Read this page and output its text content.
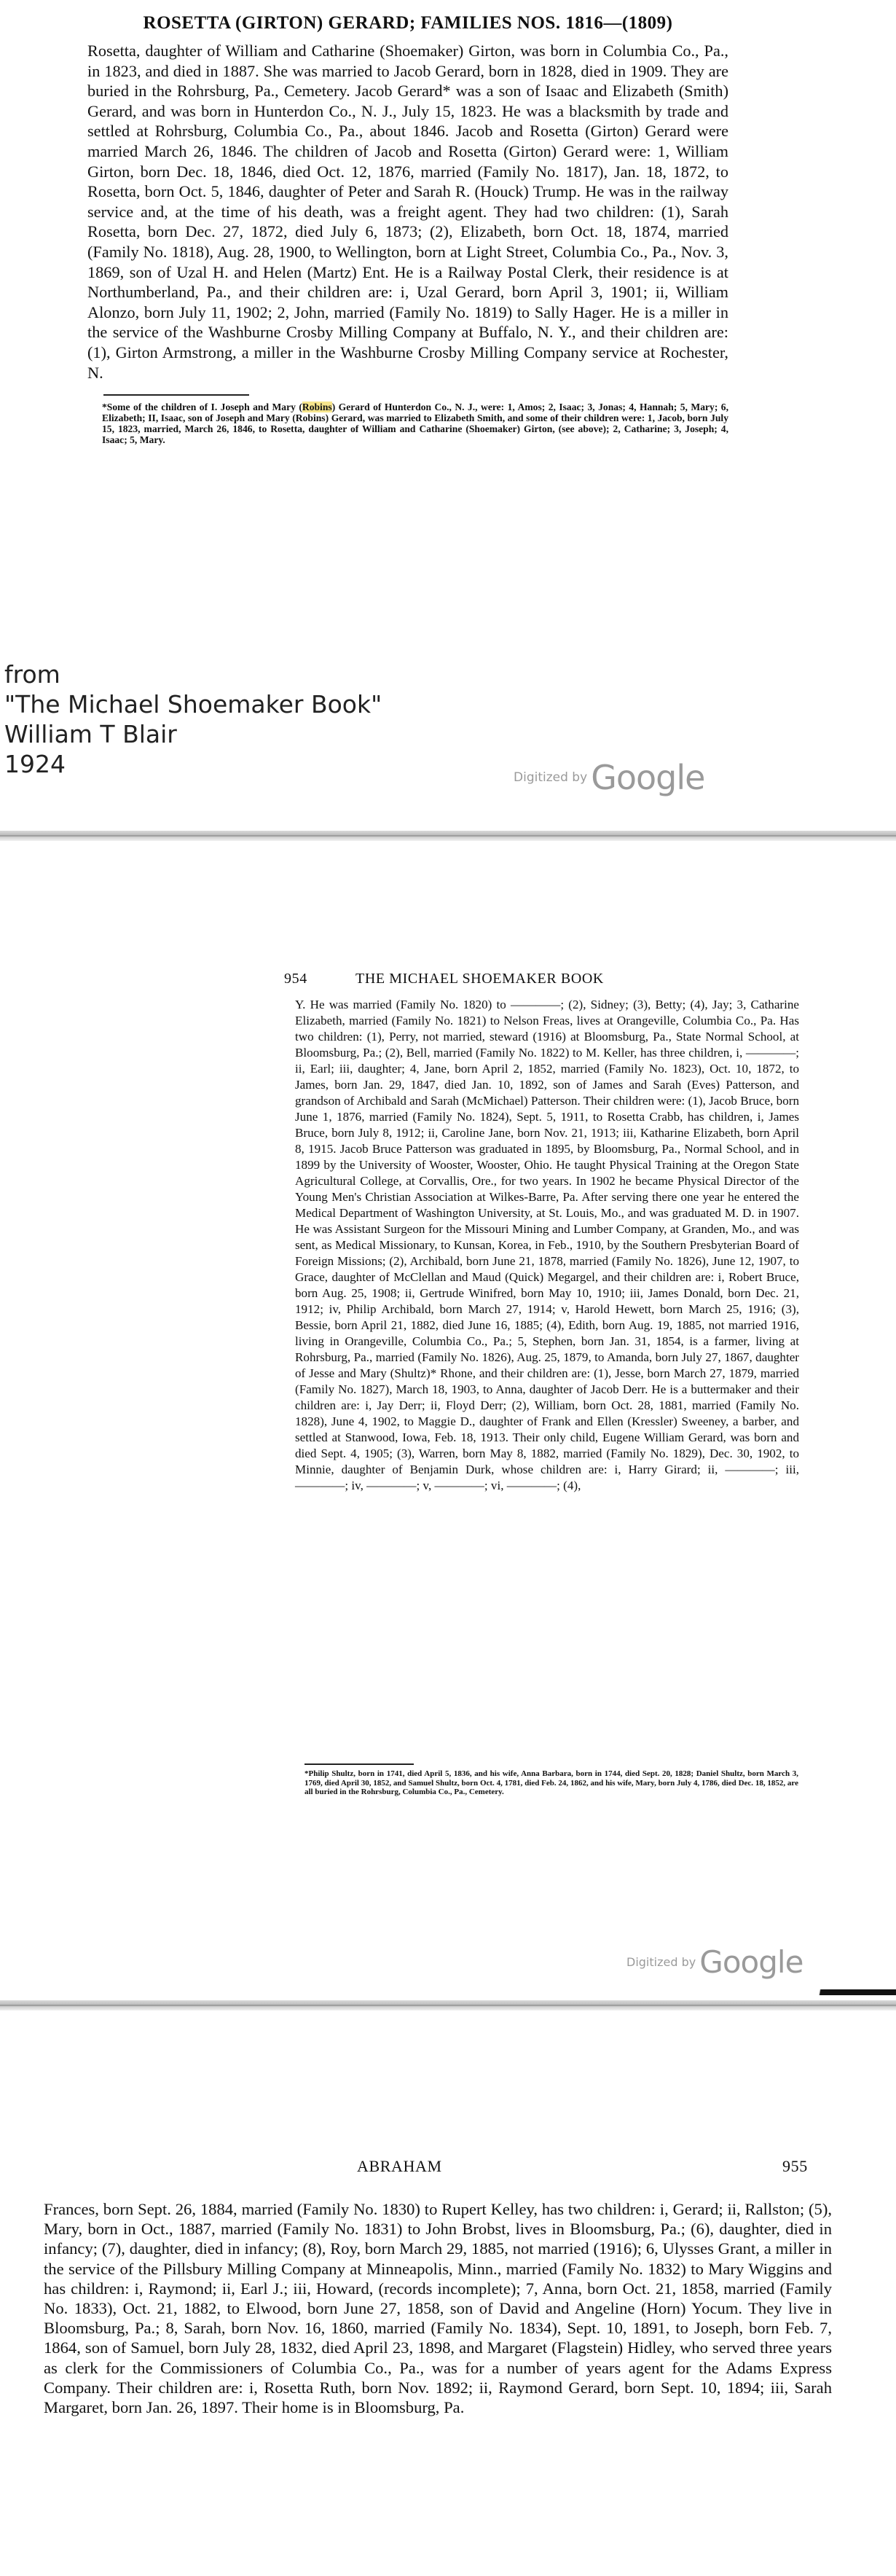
ROSETTA (GIRTON) GERARD; FAMILIES NOS. 1816—(1809)

Rosetta, daughter of William and Catharine (Shoemaker) Girton, was born in Columbia Co., Pa., in 1823, and died in 1887. She was married to Jacob Gerard, born in 1828, died in 1909. They are buried in the Rohrsburg, Pa., Cemetery. Jacob Gerard* was a son of Isaac and Elizabeth (Smith) Gerard, and was born in Hunterdon Co., N. J., July 15, 1823. He was a blacksmith by trade and settled at Rohrsburg, Columbia Co., Pa., about 1846. Jacob and Rosetta (Girton) Gerard were married March 26, 1846. The children of Jacob and Rosetta (Girton) Gerard were: 1, William Girton, born Dec. 18, 1846, died Oct. 12, 1876, married (Family No. 1817), Jan. 18, 1872, to Rosetta, born Oct. 5, 1846, daughter of Peter and Sarah R. (Houck) Trump. He was in the railway service and, at the time of his death, was a freight agent. They had two children: (1), Sarah Rosetta, born Dec. 27, 1872, died July 6, 1873; (2), Elizabeth, born Oct. 18, 1874, married (Family No. 1818), Aug. 28, 1900, to Wellington, born at Light Street, Columbia Co., Pa., Nov. 3, 1869, son of Uzal H. and Helen (Martz) Ent. He is a Railway Postal Clerk, their residence is at Northumberland, Pa., and their children are: i, Uzal Gerard, born April 3, 1901; ii, William Alonzo, born July 11, 1902; 2, John, married (Family No. 1819) to Sally Hager. He is a miller in the service of the Washburne Crosby Milling Company at Buffalo, N. Y., and their children are: (1), Girton Armstrong, a miller in the Washburne Crosby Milling Company service at Rochester, N.

*Some of the children of I. Joseph and Mary (Robins) Gerard of Hunterdon Co., N. J., were: 1, Amos; 2, Isaac; 3, Jonas; 4, Hannah; 5, Mary; 6, Elizabeth; II, Isaac, son of Joseph and Mary (Robins) Gerard, was married to Elizabeth Smith, and some of their children were: 1, Jacob, born July 15, 1823, married, March 26, 1846, to Rosetta, daughter of William and Catharine (Shoemaker) Girton, (see above); 2, Catharine; 3, Joseph; 4, Isaac; 5, Mary.

from
"The Michael Shoemaker Book"
William T Blair
1924	Digitized by Google
954	THE MICHAEL SHOEMAKER BOOK

Y. He was married (Family No. 1820) to ————; (2), Sidney; (3), Betty; (4), Jay; 3, Catharine Elizabeth, married (Family No. 1821) to Nelson Freas, lives at Orangeville, Columbia Co., Pa. Has two children: (1), Perry, not married, steward (1916) at Bloomsburg, Pa., State Normal School, at Bloomsburg, Pa.; (2), Bell, married (Family No. 1822) to M. Keller, has three children, i, ————; ii, Earl; iii, daughter; 4, Jane, born April 2, 1852, married (Family No. 1823), Oct. 10, 1872, to James, born Jan. 29, 1847, died Jan. 10, 1892, son of James and Sarah (Eves) Patterson, and grandson of Archibald and Sarah (McMichael) Patterson. Their children were: (1), Jacob Bruce, born June 1, 1876, married (Family No. 1824), Sept. 5, 1911, to Rosetta Crabb, has children, i, James Bruce, born July 8, 1912; ii, Caroline Jane, born Nov. 21, 1913; iii, Katharine Elizabeth, born April 8, 1915. Jacob Bruce Patterson was graduated in 1895, by Bloomsburg, Pa., Normal School, and in 1899 by the University of Wooster, Wooster, Ohio. He taught Physical Training at the Oregon State Agricultural College, at Corvallis, Ore., for two years. In 1902 he became Physical Director of the Young Men's Christian Association at Wilkes-Barre, Pa. After serving there one year he entered the Medical Department of Washington University, at St. Louis, Mo., and was graduated M. D. in 1907. He was Assistant Surgeon for the Missouri Mining and Lumber Company, at Granden, Mo., and was sent, as Medical Missionary, to Kunsan, Korea, in Feb., 1910, by the Southern Presbyterian Board of Foreign Missions; (2), Archibald, born June 21, 1878, married (Family No. 1826), June 12, 1907, to Grace, daughter of McClellan and Maud (Quick) Megargel, and their children are: i, Robert Bruce, born Aug. 25, 1908; ii, Gertrude Winifred, born May 10, 1910; iii, James Donald, born Dec. 21, 1912; iv, Philip Archibald, born March 27, 1914; v, Harold Hewett, born March 25, 1916; (3), Bessie, born April 21, 1882, died June 16, 1885; (4), Edith, born Aug. 19, 1885, not married 1916, living in Orangeville, Columbia Co., Pa.; 5, Stephen, born Jan. 31, 1854, is a farmer, living at Rohrsburg, Pa., married (Family No. 1826), Aug. 25, 1879, to Amanda, born July 27, 1867, daughter of Jesse and Mary (Shultz)* Rhone, and their children are: (1), Jesse, born March 27, 1879, married (Family No. 1827), March 18, 1903, to Anna, daughter of Jacob Derr. He is a buttermaker and their children are: i, Jay Derr; ii, Floyd Derr; (2), William, born Oct. 28, 1881, married (Family No. 1828), June 4, 1902, to Maggie D., daughter of Frank and Ellen (Kressler) Sweeney, a barber, and settled at Stanwood, Iowa, Feb. 18, 1913. Their only child, Eugene William Gerard, was born and died Sept. 4, 1905; (3), Warren, born May 8, 1882, married (Family No. 1829), Dec. 30, 1902, to Minnie, daughter of Benjamin Durk, whose children are: i, Harry Girard; ii, ————; iii, ————; iv, ————; v, ————; vi, ————; (4),

*Philip Shultz, born in 1741, died April 5, 1836, and his wife, Anna Barbara, born in 1744, died Sept. 20, 1828; Daniel Shultz, born March 3, 1769, died April 30, 1852, and Samuel Shultz, born Oct. 4, 1781, died Feb. 24, 1862, and his wife, Mary, born July 4, 1786, died Dec. 18, 1852, are all buried in the Rohrsburg, Columbia Co., Pa., Cemetery.

Digitized by Google
ABRAHAM	955

Frances, born Sept. 26, 1884, married (Family No. 1830) to Rupert Kelley, has two children: i, Gerard; ii, Rallston; (5), Mary, born in Oct., 1887, married (Family No. 1831) to John Brobst, lives in Bloomsburg, Pa.; (6), daughter, died in infancy; (7), daughter, died in infancy; (8), Roy, born March 29, 1885, not married (1916); 6, Ulysses Grant, a miller in the service of the Pillsbury Milling Company at Minneapolis, Minn., married (Family No. 1832) to Mary Wiggins and has children: i, Raymond; ii, Earl J.; iii, Howard, (records incomplete); 7, Anna, born Oct. 21, 1858, married (Family No. 1833), Oct. 21, 1882, to Elwood, born June 27, 1858, son of David and Angeline (Horn) Yocum. They live in Bloomsburg, Pa.; 8, Sarah, born Nov. 16, 1860, married (Family No. 1834), Sept. 10, 1891, to Joseph, born Feb. 7, 1864, son of Samuel, born July 28, 1832, died April 23, 1898, and Margaret (Flagstein) Hidley, who served three years as clerk for the Commissioners of Columbia Co., Pa., was for a number of years agent for the Adams Express Company. Their children are: i, Rosetta Ruth, born Nov. 1892; ii, Raymond Gerard, born Sept. 10, 1894; iii, Sarah Margaret, born Jan. 26, 1897. Their home is in Bloomsburg, Pa.
